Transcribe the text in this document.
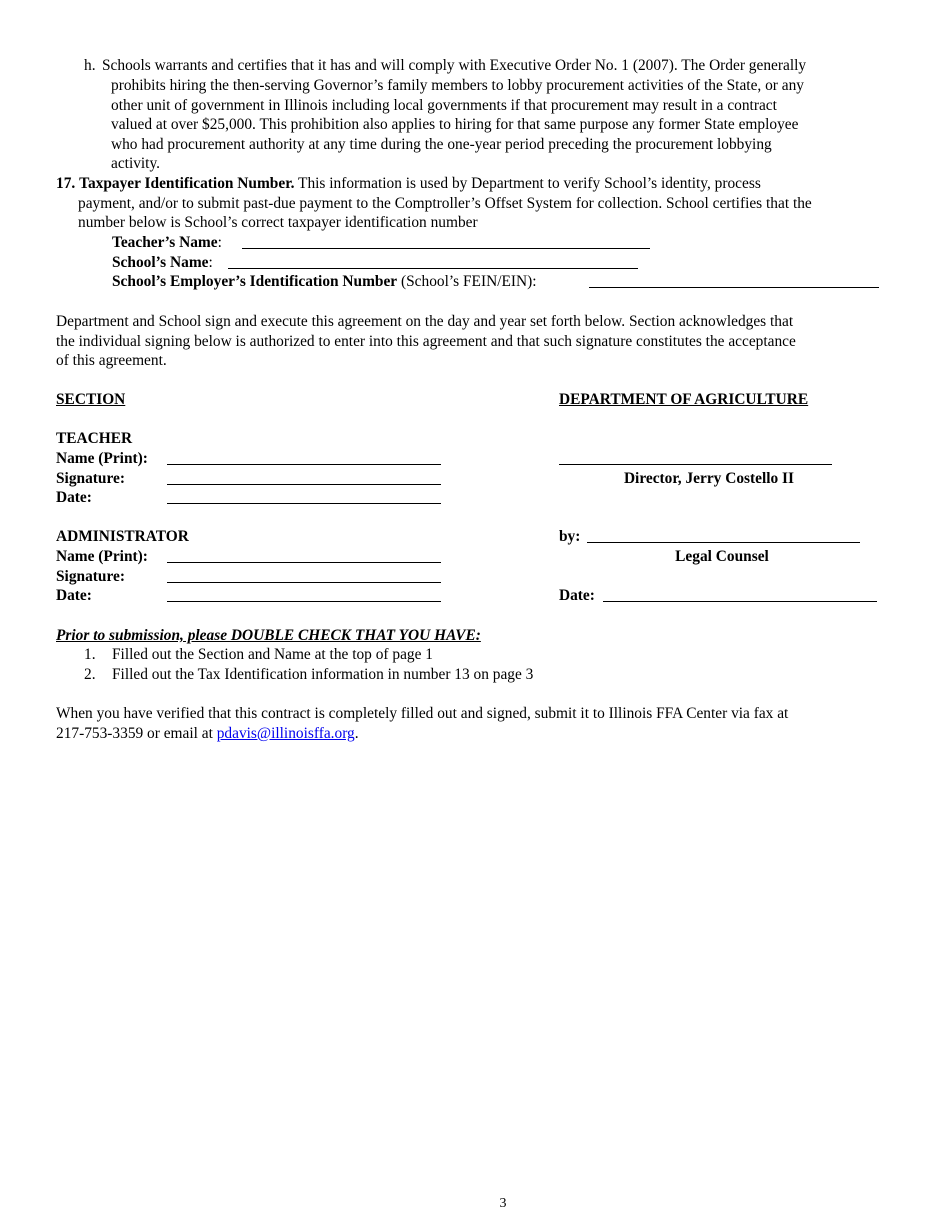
h. Schools warrants and certifies that it has and will comply with Executive Order No. 1 (2007). The Order generally
prohibits hiring the then-serving Governor’s family members to lobby procurement activities of the State, or any
other unit of government in Illinois including local governments if that procurement may result in a contract
valued at over $25,000. This prohibition also applies to hiring for that same purpose any former State employee
who had procurement authority at any time during the one-year period preceding the procurement lobbying
activity.
17. Taxpayer Identification Number. This information is used by Department to verify School’s identity, process
payment, and/or to submit past-due payment to the Comptroller’s Offset System for collection. School certifies that the
number below is School’s correct taxpayer identification number
Teacher’s Name:
School’s Name:
School’s Employer’s Identification Number (School’s FEIN/EIN):
Department and School sign and execute this agreement on the day and year set forth below. Section acknowledges that
the individual signing below is authorized to enter into this agreement and that such signature constitutes the acceptance
of this agreement.
SECTION	DEPARTMENT OF AGRICULTURE
TEACHER
Name (Print):
Signature:
Date:
Director, Jerry Costello II
ADMINISTRATOR
Name (Print):
Signature:
Date:
by:
Legal Counsel
Date:
Prior to submission, please DOUBLE CHECK THAT YOU HAVE:
1. Filled out the Section and Name at the top of page 1
2. Filled out the Tax Identification information in number 13 on page 3
When you have verified that this contract is completely filled out and signed, submit it to Illinois FFA Center via fax at
217-753-3359 or email at pdavis@illinoisffa.org.
3
